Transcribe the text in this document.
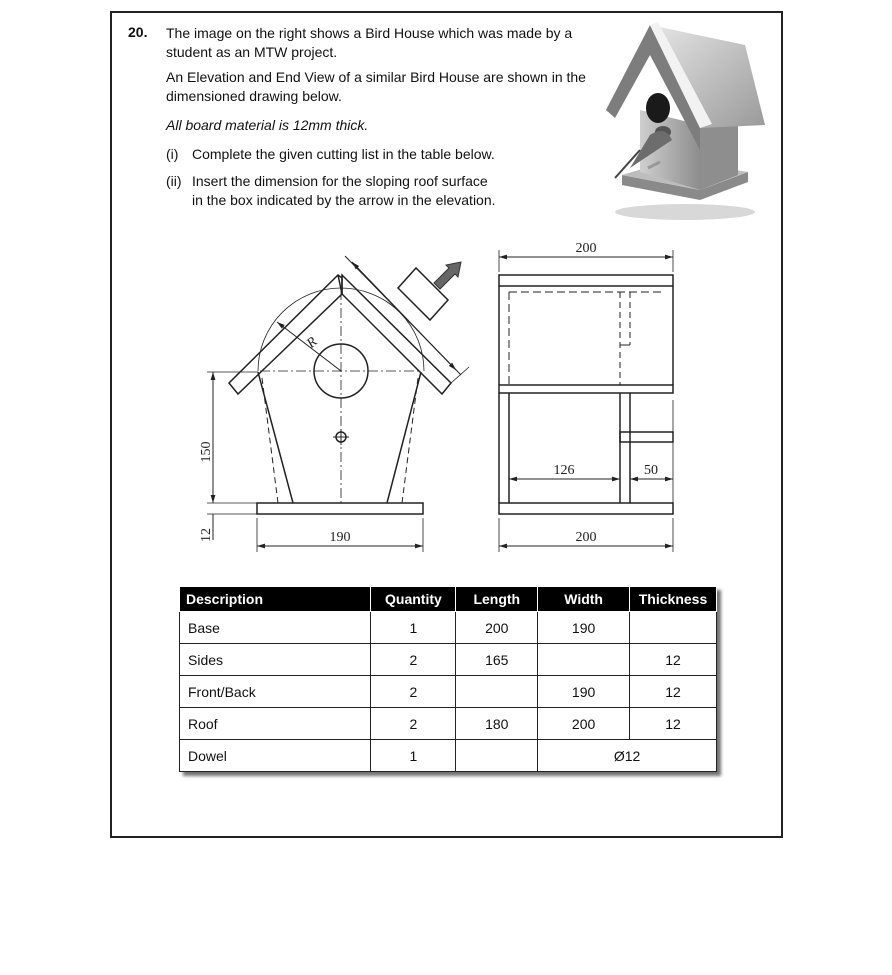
20. The image on the right shows a Bird House which was made by a
student as an MTW project.
An Elevation and End View of a similar Bird House are shown in the
dimensioned drawing below.
All board material is 12mm thick.
(i) Complete the given cutting list in the table below.
(ii) Insert the dimension for the sloping roof surface
in the box indicated by the arrow in the elevation.
R
150
12	190
200
126	50
200
Description	Quantity	Length	Width	Thickness
Base	1	200	190	
Sides	2	165		12
Front/Back	2		190	12
Roof	2	180	200	12
Dowel	1		Ø12	
